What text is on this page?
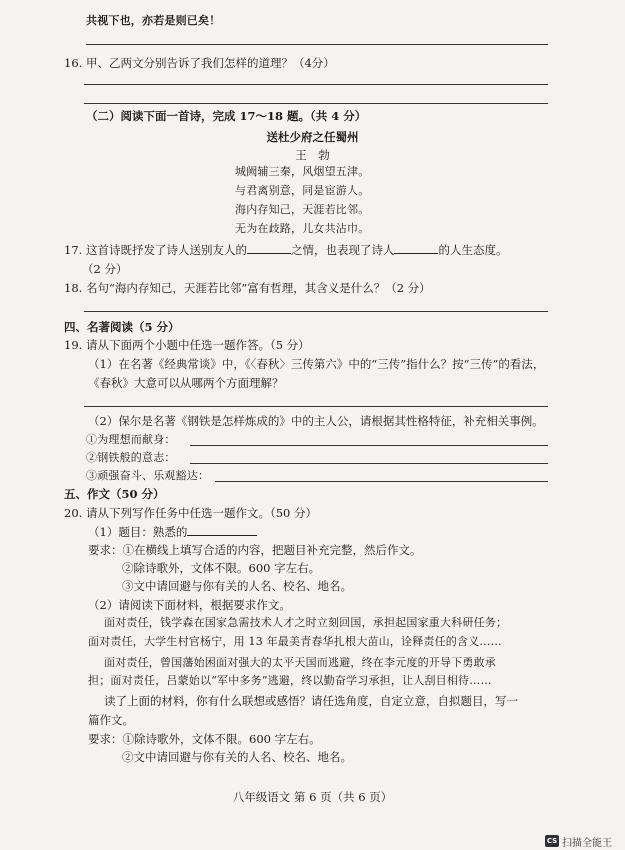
共视下也，亦若是则已矣！
16. 甲、乙两文分别告诉了我们怎样的道理？（4分）
（二）阅读下面一首诗，完成 17～18 题。（共 4 分）
送杜少府之任蜀州
王　勃
城阙辅三秦，风烟望五津。
与君离别意，同是宦游人。
海内存知己，天涯若比邻。
无为在歧路，儿女共沾巾。
17. 这首诗既抒发了诗人送别友人的	之情，也表现了诗人	的人生态度。
（2 分）
18. 名句“海内存知己，天涯若比邻”富有哲理，其含义是什么？（2 分）
四、名著阅读（5 分）
19. 请从下面两个小题中任选一题作答。（5 分）
（1）在名著《经典常谈》中，《〈春秋〉三传第六》中的“三传”指什么？按“三传”的看法，
《春秋》大意可以从哪两个方面理解？
（2）保尔是名著《钢铁是怎样炼成的》中的主人公，请根据其性格特征，补充相关事例。
①为理想而献身：
②钢铁般的意志：
③顽强奋斗、乐观豁达：
五、作文（50 分）
20. 请从下列写作任务中任选一题作文。（50 分）
（1）题目：熟悉的
要求：①在横线上填写合适的内容，把题目补充完整，然后作文。
②除诗歌外，文体不限。600 字左右。
③文中请回避与你有关的人名、校名、地名。
（2）请阅读下面材料，根据要求作文。
面对责任，钱学森在国家急需技术人才之时立刻回国，承担起国家重大科研任务；
面对责任，大学生村官杨宁，用 13 年最美青春华扎根大苗山，诠释责任的含义……
面对责任，曾国藩始困面对强大的太平天国而逃避，终在李元度的开导下勇敢承
担；面对责任，吕蒙始以“军中多务”逃避，终以勤奋学习承担，让人刮目相待……
读了上面的材料，你有什么联想或感悟？请任选角度，自定立意，自拟题目，写一
篇作文。
要求：①除诗歌外，文体不限。600 字左右。
②文中请回避与你有关的人名、校名、地名。
八年级语文 第 6 页（共 6 页）
CS 扫描全能王
